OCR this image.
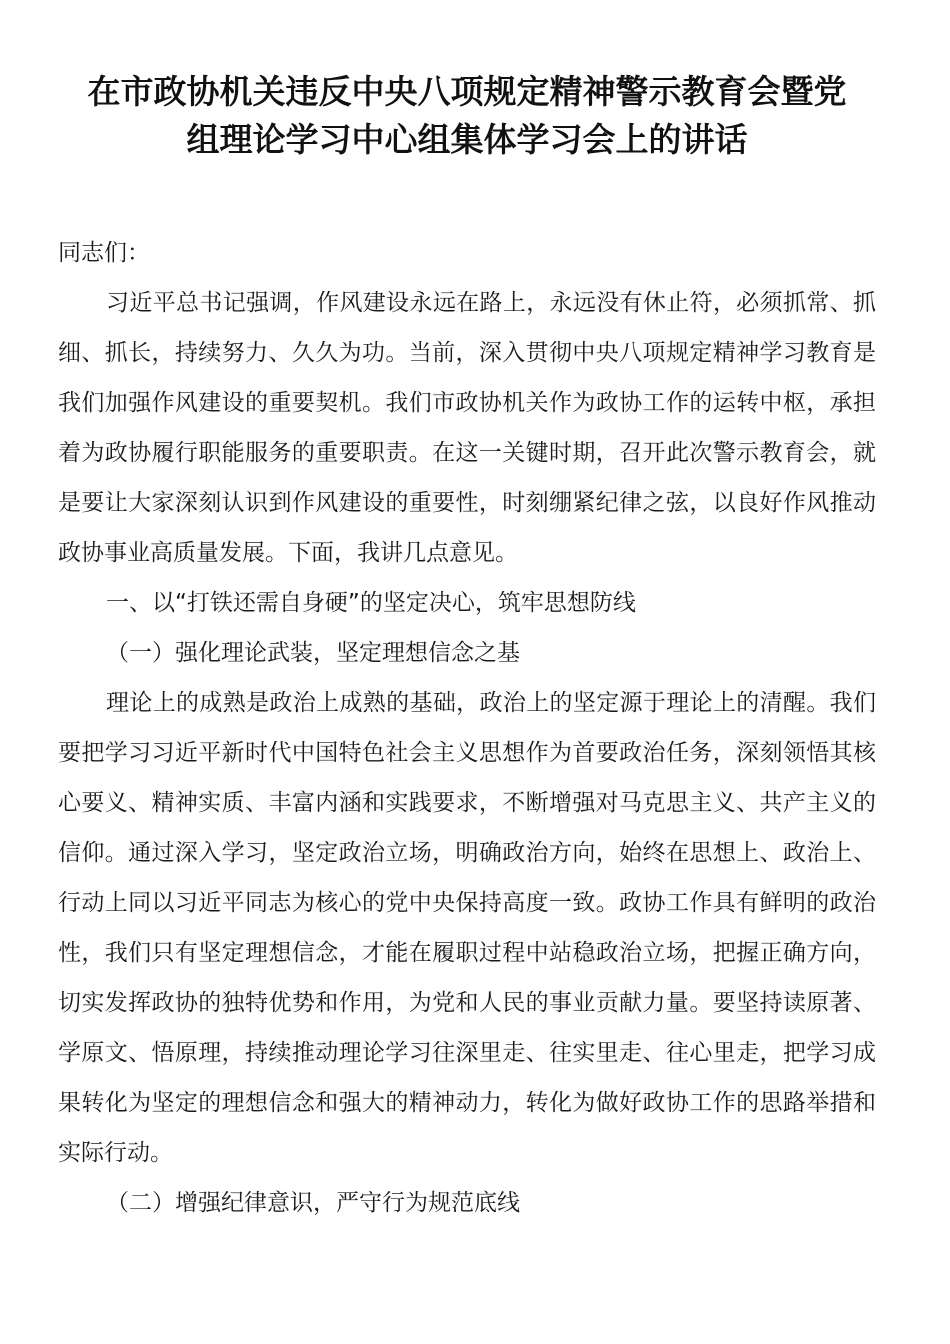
在市政协机关违反中央八项规定精神警示教育会暨党
组理论学习中心组集体学习会上的讲话

同志们：

习近平总书记强调，作风建设永远在路上，永远没有休止符，必须抓常、抓细、抓长，持续努力、久久为功。当前，深入贯彻中央八项规定精神学习教育是我们加强作风建设的重要契机。我们市政协机关作为政协工作的运转中枢，承担着为政协履行职能服务的重要职责。在这一关键时期，召开此次警示教育会，就是要让大家深刻认识到作风建设的重要性，时刻绷紧纪律之弦，以良好作风推动政协事业高质量发展。下面，我讲几点意见。

一、以“打铁还需自身硬”的坚定决心，筑牢思想防线

（一）强化理论武装，坚定理想信念之基

理论上的成熟是政治上成熟的基础，政治上的坚定源于理论上的清醒。我们要把学习习近平新时代中国特色社会主义思想作为首要政治任务，深刻领悟其核心要义、精神实质、丰富内涵和实践要求，不断增强对马克思主义、共产主义的信仰。通过深入学习，坚定政治立场，明确政治方向，始终在思想上、政治上、行动上同以习近平同志为核心的党中央保持高度一致。政协工作具有鲜明的政治性，我们只有坚定理想信念，才能在履职过程中站稳政治立场，把握正确方向，切实发挥政协的独特优势和作用，为党和人民的事业贡献力量。要坚持读原著、学原文、悟原理，持续推动理论学习往深里走、往实里走、往心里走，把学习成果转化为坚定的理想信念和强大的精神动力，转化为做好政协工作的思路举措和实际行动。

（二）增强纪律意识，严守行为规范底线
